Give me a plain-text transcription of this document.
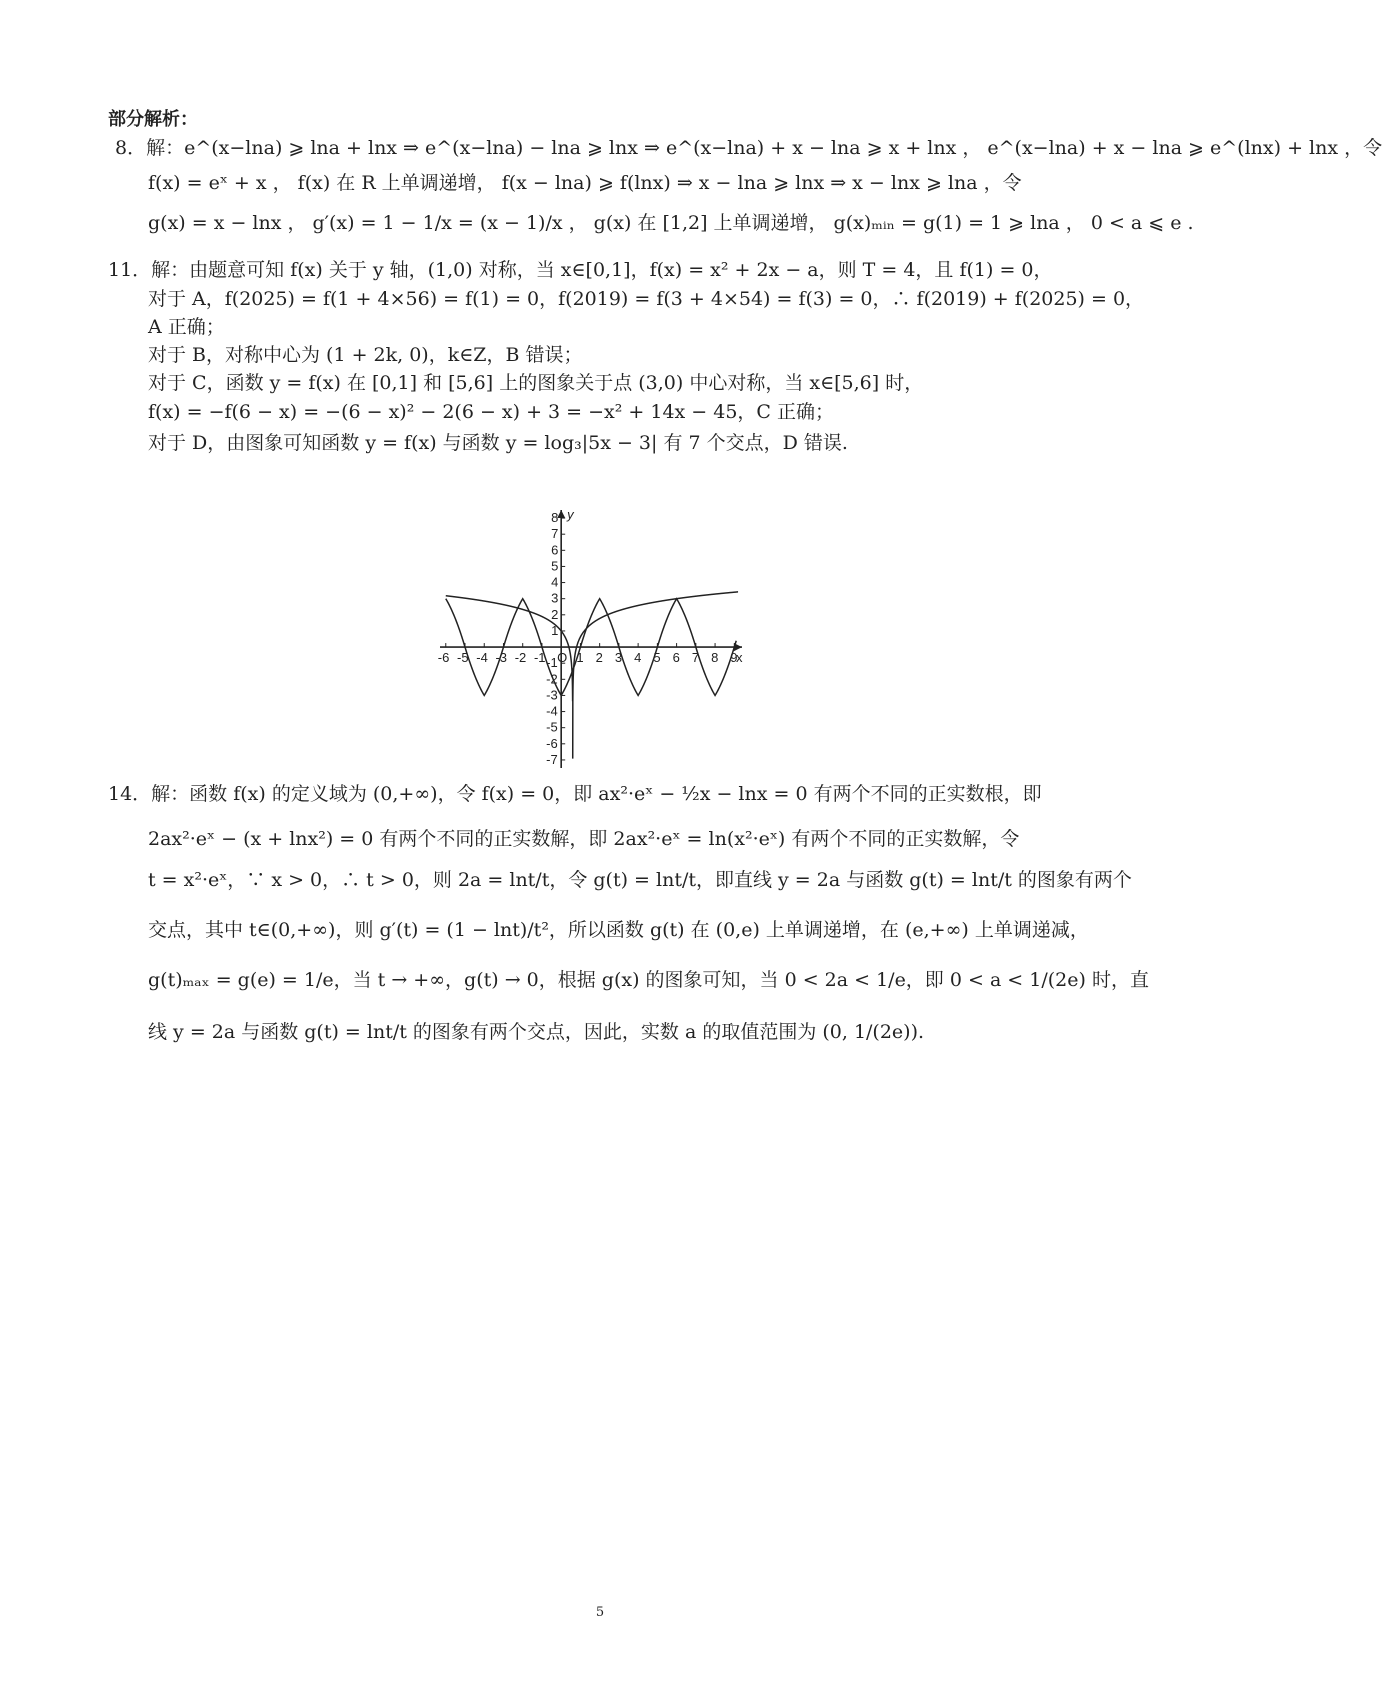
部分解析：
8．解：e^(x−lna) ⩾ lna + lnx ⇒ e^(x−lna) − lna ⩾ lnx ⇒ e^(x−lna) + x − lna ⩾ x + lnx ， e^(x−lna) + x − lna ⩾ e^(lnx) + lnx ，令
f(x) = eˣ + x ， f(x) 在 R 上单调递增， f(x − lna) ⩾ f(lnx) ⇒ x − lna ⩾ lnx ⇒ x − lnx ⩾ lna ，令
g(x) = x − lnx ， g′(x) = 1 − 1/x = (x − 1)/x ， g(x) 在 [1,2] 上单调递增， g(x)ₘᵢₙ = g(1) = 1 ⩾ lna ， 0 < a ⩽ e .
11．解：由题意可知 f(x) 关于 y 轴，(1,0) 对称，当 x∈[0,1]，f(x) = x² + 2x − a，则 T = 4，且 f(1) = 0，
对于 A，f(2025) = f(1 + 4×56) = f(1) = 0，f(2019) = f(3 + 4×54) = f(3) = 0，∴ f(2019) + f(2025) = 0，
A 正确；
对于 B，对称中心为 (1 + 2k, 0)，k∈Z，B 错误；
对于 C，函数 y = f(x) 在 [0,1] 和 [5,6] 上的图象关于点 (3,0) 中心对称，当 x∈[5,6] 时，
f(x) = −f(6 − x) = −(6 − x)² − 2(6 − x) + 3 = −x² + 14x − 45，C 正确；
对于 D，由图象可知函数 y = f(x) 与函数 y = log₃|5x − 3| 有 7 个交点，D 错误.
x
y
-6 -5 -4 -3 -2 -1 O 1 2 3 4 5 6 7 8 9
8
7
6
5
4
3
2
1
-1
-2
-3
-4
-5
-6
-7
14．解：函数 f(x) 的定义域为 (0,+∞)，令 f(x) = 0，即 ax²·eˣ − ½x − lnx = 0 有两个不同的正实数根，即
2ax²·eˣ − (x + lnx²) = 0 有两个不同的正实数解，即 2ax²·eˣ = ln(x²·eˣ) 有两个不同的正实数解，令
t = x²·eˣ，∵ x > 0，∴ t > 0，则 2a = lnt/t，令 g(t) = lnt/t，即直线 y = 2a 与函数 g(t) = lnt/t 的图象有两个
交点，其中 t∈(0,+∞)，则 g′(t) = (1 − lnt)/t²，所以函数 g(t) 在 (0,e) 上单调递增，在 (e,+∞) 上单调递减，
g(t)ₘₐₓ = g(e) = 1/e，当 t → +∞，g(t) → 0，根据 g(x) 的图象可知，当 0 < 2a < 1/e，即 0 < a < 1/(2e) 时，直
线 y = 2a 与函数 g(t) = lnt/t 的图象有两个交点，因此，实数 a 的取值范围为 (0, 1/(2e)).
5
